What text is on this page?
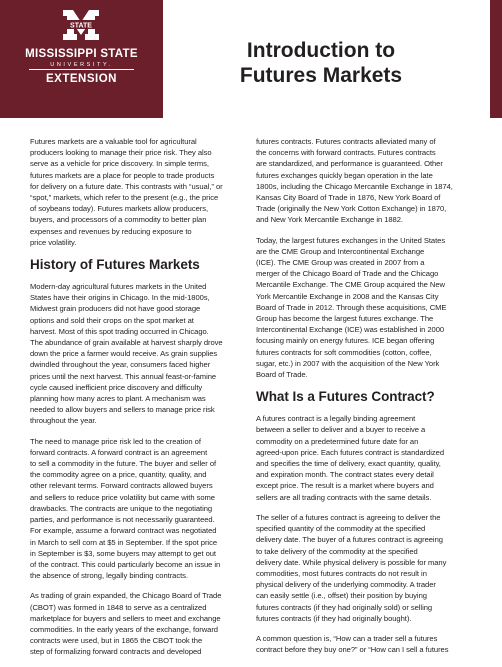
STATE
MISSISSIPPI STATE
UNIVERSITY.
EXTENSION
Introduction to
Futures Markets

Futures markets are a valuable tool for agricultural
producers looking to manage their price risk. They also
serve as a vehicle for price discovery. In simple terms,
futures markets are a place for people to trade products
for delivery on a future date. This contrasts with “usual,” or
“spot,” markets, which refer to the present (e.g., the price
of soybeans today). Futures markets allow producers,
buyers, and processors of a commodity to better plan
expenses and revenues by reducing exposure to
price volatility.

History of Futures Markets

Modern-day agricultural futures markets in the United
States have their origins in Chicago. In the mid-1800s,
Midwest grain producers did not have good storage
options and sold their crops on the spot market at
harvest. Most of this spot trading occurred in Chicago.
The abundance of grain available at harvest sharply drove
down the price a farmer would receive. As grain supplies
dwindled throughout the year, consumers faced higher
prices until the next harvest. This annual feast-or-famine
cycle caused inefficient price discovery and difficulty
planning how many acres to plant. A mechanism was
needed to allow buyers and sellers to manage price risk
throughout the year.

The need to manage price risk led to the creation of
forward contracts. A forward contract is an agreement
to sell a commodity in the future. The buyer and seller of
the commodity agree on a price, quantity, quality, and
other relevant terms. Forward contracts allowed buyers
and sellers to reduce price volatility but came with some
drawbacks. The contracts are unique to the negotiating
parties, and performance is not necessarily guaranteed.
For example, assume a forward contract was negotiated
in March to sell corn at $5 in September. If the spot price
in September is $3, some buyers may attempt to get out
of the contract. This could particularly become an issue in
the absence of strong, legally binding contracts.

As trading of grain expanded, the Chicago Board of Trade
(CBOT) was formed in 1848 to serve as a centralized
marketplace for buyers and sellers to meet and exchange
commodities. In the early years of the exchange, forward
contracts were used, but in 1865 the CBOT took the
step of formalizing forward contracts and developed

futures contracts. Futures contracts alleviated many of
the concerns with forward contracts. Futures contracts
are standardized, and performance is guaranteed. Other
futures exchanges quickly began operation in the late
1800s, including the Chicago Mercantile Exchange in 1874,
Kansas City Board of Trade in 1876, New York Board of
Trade (originally the New York Cotton Exchange) in 1870,
and New York Mercantile Exchange in 1882.

Today, the largest futures exchanges in the United States
are the CME Group and Intercontinental Exchange
(ICE). The CME Group was created in 2007 from a
merger of the Chicago Board of Trade and the Chicago
Mercantile Exchange. The CME Group acquired the New
York Mercantile Exchange in 2008 and the Kansas City
Board of Trade in 2012. Through these acquisitions, CME
Group has become the largest futures exchange. The
Intercontinental Exchange (ICE) was established in 2000
focusing mainly on energy futures. ICE began offering
futures contracts for soft commodities (cotton, coffee,
sugar, etc.) in 2007 with the acquisition of the New York
Board of Trade.

What Is a Futures Contract?

A futures contract is a legally binding agreement
between a seller to deliver and a buyer to receive a
commodity on a predetermined future date for an
agreed-upon price. Each futures contract is standardized
and specifies the time of delivery, exact quantity, quality,
and expiration month. The contract states every detail
except price. The result is a market where buyers and
sellers are all trading contracts with the same details.

The seller of a futures contract is agreeing to deliver the
specified quantity of the commodity at the specified
delivery date. The buyer of a futures contract is agreeing
to take delivery of the commodity at the specified
delivery date. While physical delivery is possible for many
commodities, most futures contracts do not result in
physical delivery of the underlying commodity. A trader
can easily settle (i.e., offset) their position by buying
futures contracts (if they had originally sold) or selling
futures contracts (if they had originally bought).

A common question is, “How can a trader sell a futures
contract before they buy one?” or “How can I sell a futures
